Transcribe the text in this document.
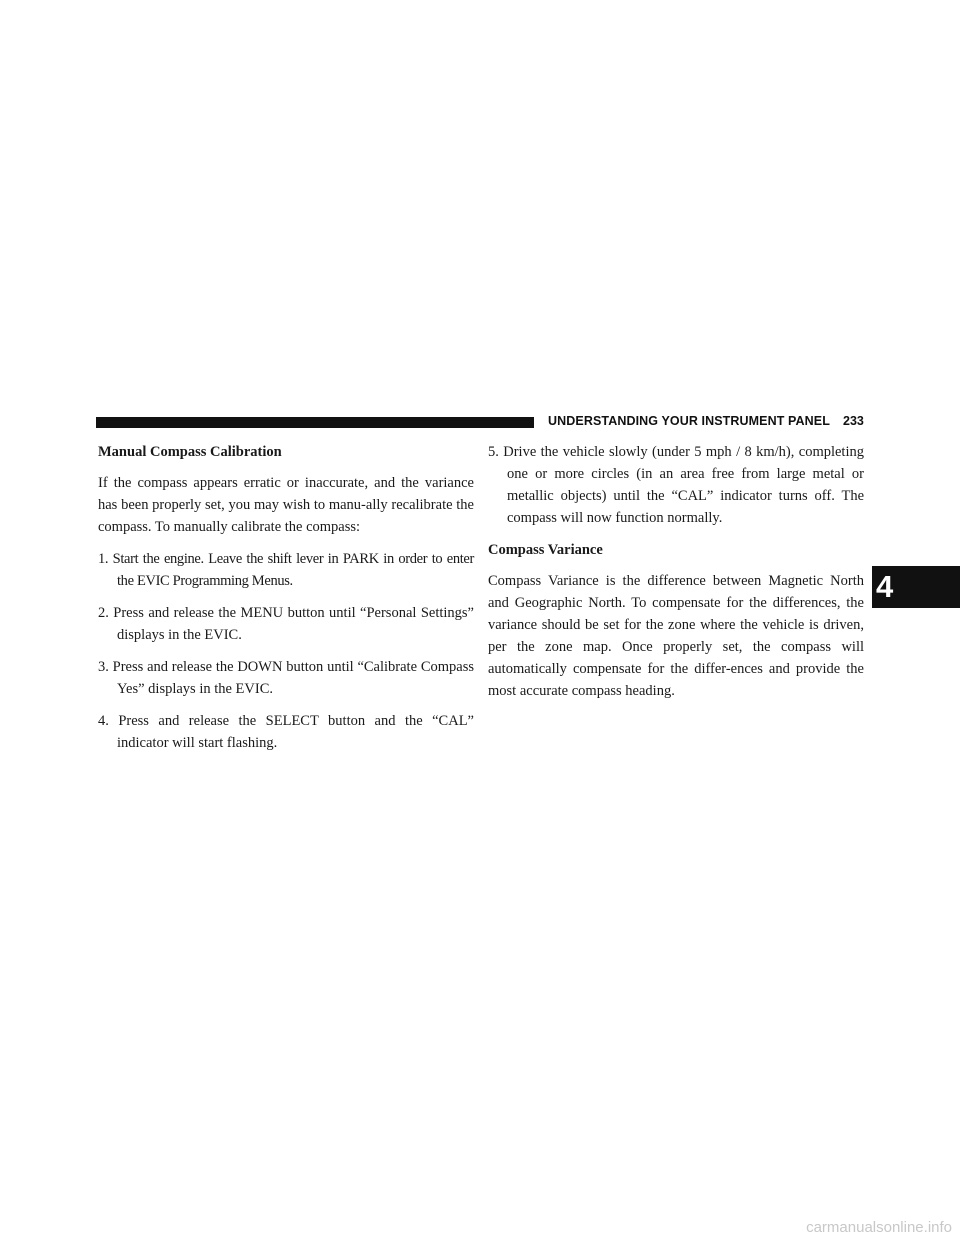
UNDERSTANDING YOUR INSTRUMENT PANEL 233
4
Manual Compass Calibration

If the compass appears erratic or inaccurate, and the variance has been properly set, you may wish to manu-ally recalibrate the compass. To manually calibrate the compass:

1. Start the engine. Leave the shift lever in PARK in order to enter the EVIC Programming Menus.

2. Press and release the MENU button until “Personal Settings” displays in the EVIC.

3. Press and release the DOWN button until “Calibrate Compass Yes” displays in the EVIC.

4. Press and release the SELECT button and the “CAL” indicator will start flashing.

5. Drive the vehicle slowly (under 5 mph / 8 km/h), completing one or more circles (in an area free from large metal or metallic objects) until the “CAL” indicator turns off. The compass will now function normally.

Compass Variance

Compass Variance is the difference between Magnetic North and Geographic North. To compensate for the differences, the variance should be set for the zone where the vehicle is driven, per the zone map. Once properly set, the compass will automatically compensate for the differ-ences and provide the most accurate compass heading.

carmanualsonline.info
